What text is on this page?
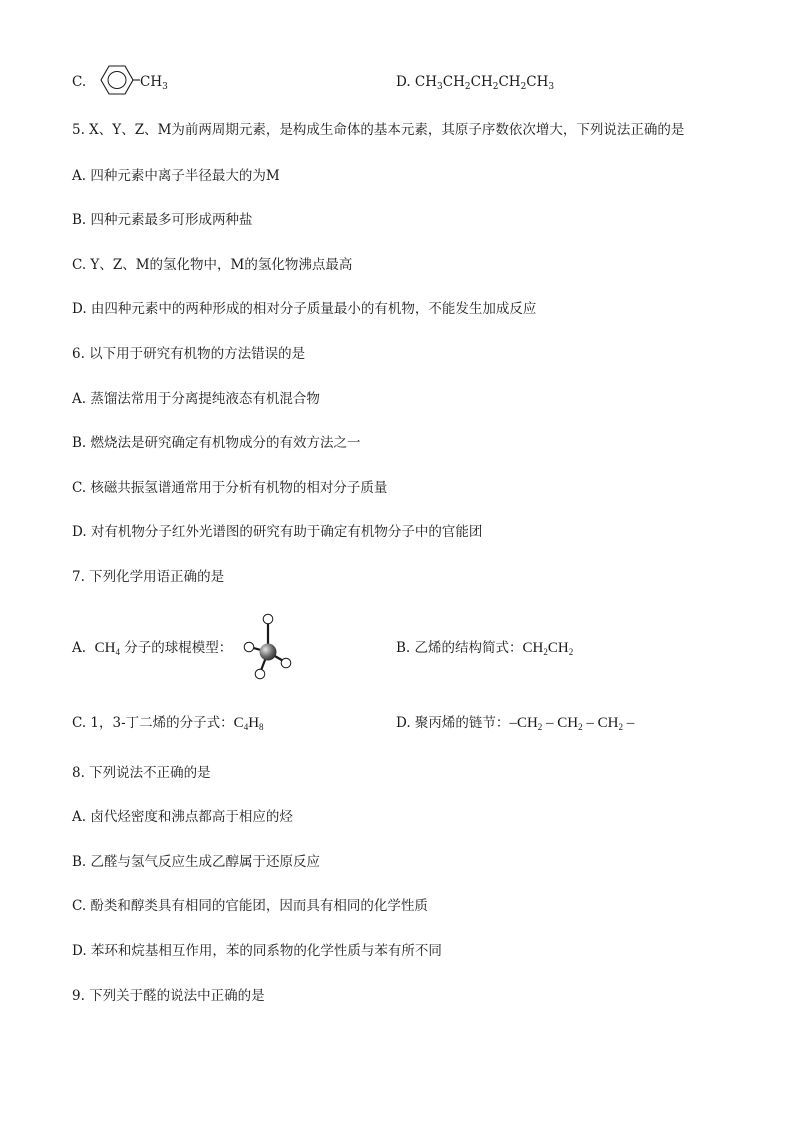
C.	$CH_3$	D. $CH_3CH_2CH_2CH_2CH_3$
5. X、Y、Z、M为前两周期元素，是构成生命体的基本元素，其原子序数依次增大，下列说法正确的是
A. 四种元素中离子半径最大的为M
B. 四种元素最多可形成两种盐
C. Y、Z、M的氢化物中，M的氢化物沸点最高
D. 由四种元素中的两种形成的相对分子质量最小的有机物，不能发生加成反应
6. 以下用于研究有机物的方法错误的是
A. 蒸馏法常用于分离提纯液态有机混合物
B. 燃烧法是研究确定有机物成分的有效方法之一
C. 核磁共振氢谱通常用于分析有机物的相对分子质量
D. 对有机物分子红外光谱图的研究有助于确定有机物分子中的官能团
7. 下列化学用语正确的是
A. $CH_4$ 分子的球棍模型：	B. 乙烯的结构简式：$CH_2CH_2$
C. 1，3-丁二烯的分子式：$C_4H_8$	D. 聚丙烯的链节：$-CH_2 - CH_2 - CH_2$ –
8. 下列说法不正确的是
A. 卤代烃密度和沸点都高于相应的烃
B. 乙醛与氢气反应生成乙醇属于还原反应
C. 酚类和醇类具有相同的官能团，因而具有相同的化学性质
D. 苯环和烷基相互作用，苯的同系物的化学性质与苯有所不同
9. 下列关于醛的说法中正确的是
